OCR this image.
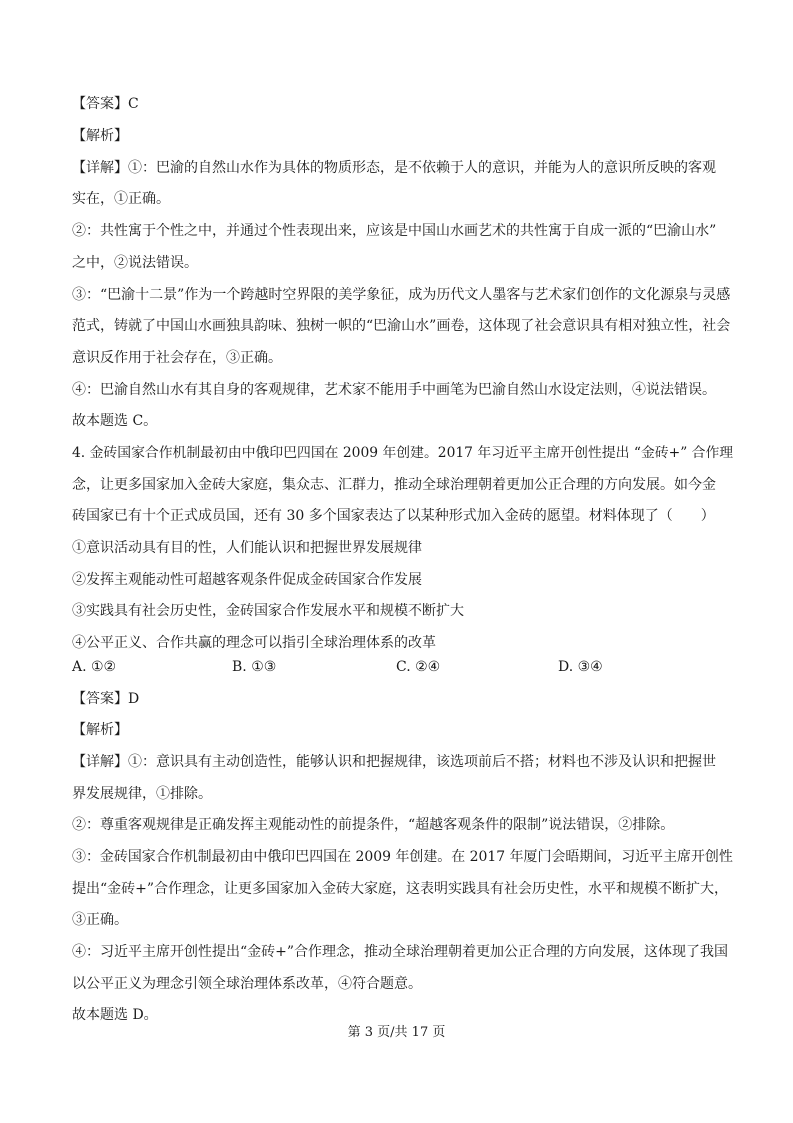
【答案】C
【解析】
【详解】①：巴渝的自然山水作为具体的物质形态，是不依赖于人的意识，并能为人的意识所反映的客观
实在，①正确。
②：共性寓于个性之中，并通过个性表现出来，应该是中国山水画艺术的共性寓于自成一派的“巴渝山水”
之中，②说法错误。
③：“巴渝十二景”作为一个跨越时空界限的美学象征，成为历代文人墨客与艺术家们创作的文化源泉与灵感
范式，铸就了中国山水画独具韵味、独树一帜的“巴渝山水”画卷，这体现了社会意识具有相对独立性，社会
意识反作用于社会存在，③正确。
④：巴渝自然山水有其自身的客观规律，艺术家不能用手中画笔为巴渝自然山水设定法则，④说法错误。
故本题选 C。
4. 金砖国家合作机制最初由中俄印巴四国在 2009 年创建。2017 年习近平主席开创性提出 “金砖+” 合作理
念，让更多国家加入金砖大家庭，集众志、汇群力，推动全球治理朝着更加公正合理的方向发展。如今金
砖国家已有十个正式成员国，还有 30 多个国家表达了以某种形式加入金砖的愿望。材料体现了（　　）
①意识活动具有目的性，人们能认识和把握世界发展规律
②发挥主观能动性可超越客观条件促成金砖国家合作发展
③实践具有社会历史性，金砖国家合作发展水平和规模不断扩大
④公平正义、合作共赢的理念可以指引全球治理体系的改革
A. ①②	B. ①③	C. ②④	D. ③④
【答案】D
【解析】
【详解】①：意识具有主动创造性，能够认识和把握规律，该选项前后不搭；材料也不涉及认识和把握世
界发展规律，①排除。
②：尊重客观规律是正确发挥主观能动性的前提条件，“超越客观条件的限制”说法错误，②排除。
③：金砖国家合作机制最初由中俄印巴四国在 2009 年创建。在 2017 年厦门会晤期间，习近平主席开创性
提出“金砖+”合作理念，让更多国家加入金砖大家庭，这表明实践具有社会历史性，水平和规模不断扩大，
③正确。
④：习近平主席开创性提出“金砖+”合作理念，推动全球治理朝着更加公正合理的方向发展，这体现了我国
以公平正义为理念引领全球治理体系改革，④符合题意。
故本题选 D。
第 3 页/共 17 页
